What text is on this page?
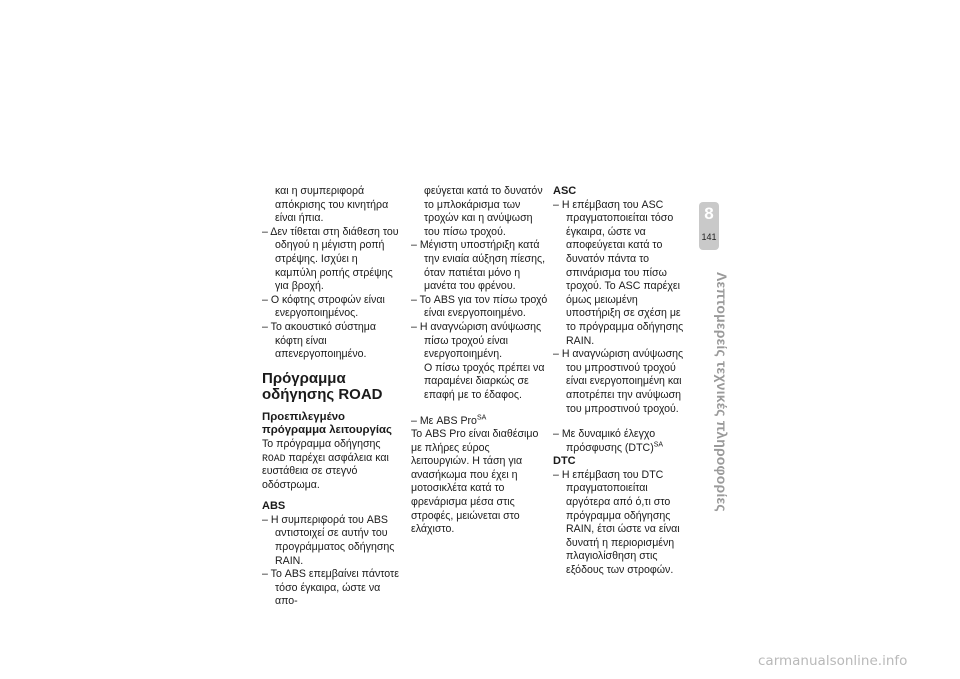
και η συμπεριφορά απόκρισης του κινητήρα είναι ήπια.
– Δεν τίθεται στη διάθεση του οδηγού η μέγιστη ροπή στρέψης. Ισχύει η καμπύλη ροπής στρέψης για βροχή.
– Ο κόφτης στροφών είναι ενεργοποιημένος.
– Το ακουστικό σύστημα κόφτη είναι απενεργοποιημένο.
Πρόγραμμα οδήγησης ROAD
Προεπιλεγμένο πρόγραμμα λειτουργίας
Το πρόγραμμα οδήγησης ROAD παρέχει ασφάλεια και ευστάθεια σε στεγνό οδόστρωμα.
ABS
– Η συμπεριφορά του ABS αντιστοιχεί σε αυτήν του προγράμματος οδήγησης RAIN.
– Το ABS επεμβαίνει πάντοτε τόσο έγκαιρα, ώστε να απο-
φεύγεται κατά το δυνατόν το μπλοκάρισμα των τροχών και η ανύψωση του πίσω τροχού.
– Μέγιστη υποστήριξη κατά την ενιαία αύξηση πίεσης, όταν πατιέται μόνο η μανέτα του φρένου.
– Το ABS για τον πίσω τροχό είναι ενεργοποιημένο.
– Η αναγνώριση ανύψωσης πίσω τροχού είναι ενεργοποιημένη.
Ο πίσω τροχός πρέπει να παραμένει διαρκώς σε επαφή με το έδαφος.
– Με ABS Pro$^{SA}$
Το ABS Pro είναι διαθέσιμο με πλήρες εύρος λειτουργιών. Η τάση για ανασήκωμα που έχει η μοτοσικλέτα κατά το φρενάρισμα μέσα στις στροφές, μειώνεται στο ελάχιστο.
ASC
– Η επέμβαση του ASC πραγματοποιείται τόσο έγκαιρα, ώστε να αποφεύγεται κατά το δυνατόν πάντα το σπινάρισμα του πίσω τροχού. Το ASC παρέχει όμως μειωμένη υποστήριξη σε σχέση με το πρόγραμμα οδήγησης RAIN.
– Η αναγνώριση ανύψωσης του μπροστινού τροχού είναι ενεργοποιημένη και αποτρέπει την ανύψωση του μπροστινού τροχού.
– Με δυναμικό έλεγχο πρόσφυσης (DTC)$^{SA}$
DTC
– Η επέμβαση του DTC πραγματοποιείται αργότερα από ό,τι στο πρόγραμμα οδήγησης RAIN, έτσι ώστε να είναι δυνατή η περιορισμένη πλαγιολίσθηση στις εξόδους των στροφών.
8
141
Λεπτομερείς τεχνικές πληροφορίες
carmanualsonline.info
